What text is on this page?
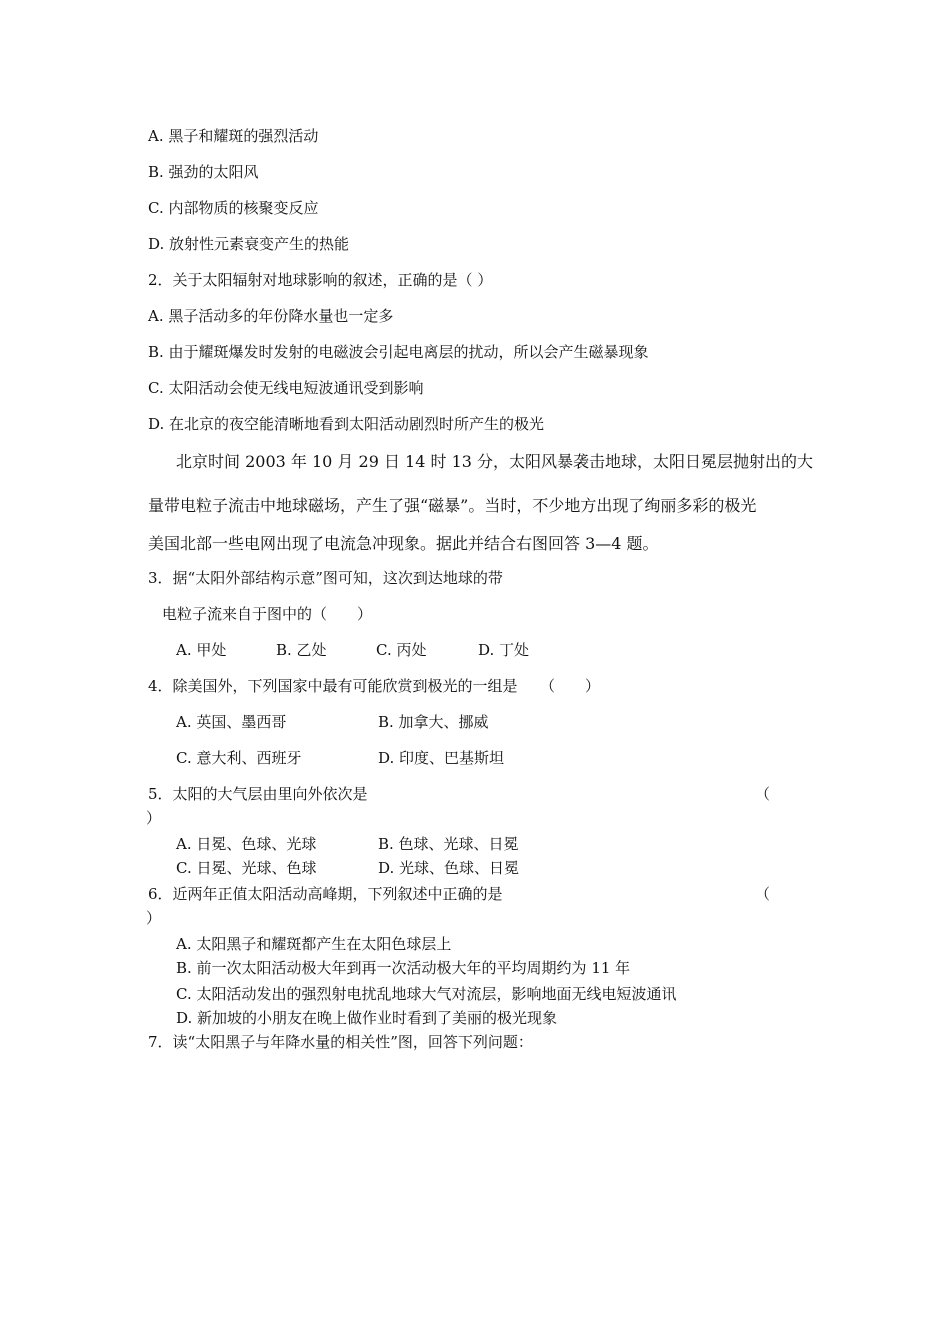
A. 黑子和耀斑的强烈活动

B. 强劲的太阳风

C. 内部物质的核聚变反应

D. 放射性元素衰变产生的热能

2．关于太阳辐射对地球影响的叙述，正确的是（ ）

A. 黑子活动多的年份降水量也一定多

B. 由于耀斑爆发时发射的电磁波会引起电离层的扰动，所以会产生磁暴现象

C. 太阳活动会使无线电短波通讯受到影响

D. 在北京的夜空能清晰地看到太阳活动剧烈时所产生的极光

北京时间 2003 年 10 月 29 日 14 时 13 分，太阳风暴袭击地球，太阳日冕层抛射出的大

量带电粒子流击中地球磁场，产生了强“磁暴”。当时，不少地方出现了绚丽多彩的极光

美国北部一些电网出现了电流急冲现象。据此并结合右图回答 3—4 题。

3．据“太阳外部结构示意”图可知，这次到达地球的带

电粒子流来自于图中的（　　）

A. 甲处	B. 乙处	C. 丙处	D. 丁处

4．除美国外，下列国家中最有可能欣赏到极光的一组是　　（　　）

A. 英国、墨西哥	B. 加拿大、挪威
C. 意大利、西班牙	D. 印度、巴基斯坦

5．太阳的大气层由里向外依次是	（

）

A. 日冕、色球、光球	B. 色球、光球、日冕
C. 日冕、光球、色球	D. 光球、色球、日冕

6．近两年正值太阳活动高峰期，下列叙述中正确的是	（

）

A. 太阳黑子和耀斑都产生在太阳色球层上

B. 前一次太阳活动极大年到再一次活动极大年的平均周期约为 11 年

C. 太阳活动发出的强烈射电扰乱地球大气对流层，影响地面无线电短波通讯

D. 新加坡的小朋友在晚上做作业时看到了美丽的极光现象

7．读“太阳黑子与年降水量的相关性”图，回答下列问题：
